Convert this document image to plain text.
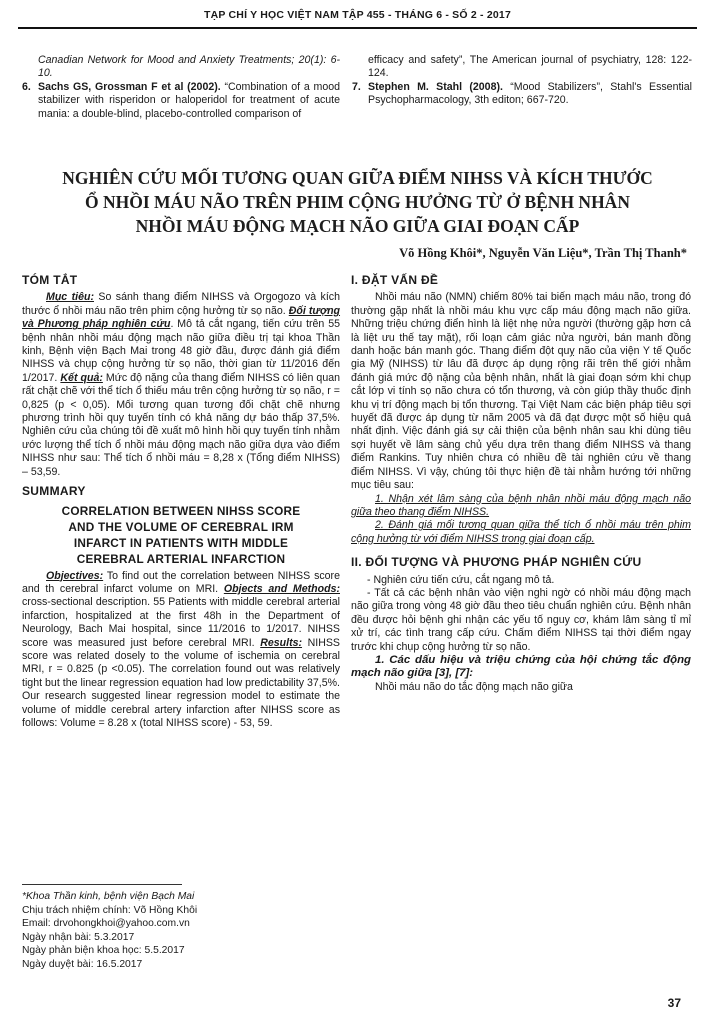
TẠP CHÍ Y HỌC VIỆT NAM TẬP 455 - THÁNG 6 - SỐ 2 - 2017
Canadian Network for Mood and Anxiety Treatments; 20(1): 6-10.
6. Sachs GS, Grossman F et al (2002). “Combination of a mood stabilizer with risperidon or haloperidol for treatment of acute mania: a double-blind, placebo-controlled comparison of
efficacy and safety”, The American journal of psychiatry, 128: 122-124.
7. Stephen M. Stahl (2008). “Mood Stabilizers”, Stahl's Essential Psychopharmacology, 3th editon; 667-720.
NGHIÊN CỨU MỐI TƯƠNG QUAN GIỮA ĐIỂM NIHSS VÀ KÍCH THƯỚC
Ổ NHỒI MÁU NÃO TRÊN PHIM CỘNG HƯỞNG TỪ Ở BỆNH NHÂN
NHỒI MÁU ĐỘNG MẠCH NÃO GIỮA GIAI ĐOẠN CẤP
Võ Hồng Khôi*, Nguyễn Văn Liệu*, Trần Thị Thanh*
TÓM TẮT

Mục tiêu: So sánh thang điểm NIHSS và Orgogozo và kích thước ổ nhồi máu não trên phim cộng hưởng từ sọ não. Đối tượng và Phương pháp nghiên cứu. Mô tả cắt ngang, tiến cứu trên 55 bệnh nhân nhồi máu động mạch não giữa điều trị tại khoa Thần kinh, Bệnh viện Bạch Mai trong 48 giờ đầu, được đánh giá điểm NIHSS và chụp cộng hưởng từ sọ não, thời gian từ 11/2016 đến 1/2017. Kết quả: Mức độ nặng của thang điểm NIHSS có liên quan rất chặt chẽ với thể tích ổ thiếu máu trên cộng hưởng từ sọ não, r = 0,825 (p < 0,05). Mối tương quan tương đối chặt chẽ nhưng phương trình hồi quy tuyến tính có khả năng dự báo thấp 37,5%. Nghiên cứu của chúng tôi đề xuất mô hình hồi quy tuyến tính nhằm ước lượng thể tích ổ nhồi máu động mạch não giữa dựa vào điểm NIHSS như sau: Thể tích ổ nhồi máu = 8,28 x (Tổng điểm NIHSS) – 53,59.

SUMMARY
CORRELATION BETWEEN NIHSS SCORE
AND THE VOLUME OF CEREBRAL IRM
INFARCT IN PATIENTS WITH MIDDLE
CEREBRAL ARTERIAL INFARCTION

Objectives: To find out the correlation between NIHSS score and th cerebral infarct volume on MRI. Objects and Methods: cross-sectional description. 55 Patients with middle cerebral arterial infarction, hospitalized at the first 48h in the Department of Neurology, Bach Mai hospital, since 11/2016 to 1/2017. NIHSS score was measured just before cerebral MRI. Results: NIHSS score was related dosely to the volume of ischemia on cerebral MRI, r = 0.825 (p <0.05). The correlation found out was relatively tight but the linear regression equation had low predictability 37,5%. Our research suggested linear regression model to estimate the volume of middle cerebral artery infarction after NIHSS score as follows: Volume = 8.28 x (total NIHSS score) - 53, 59.

I. ĐẶT VẤN ĐỀ

Nhồi máu não (NMN) chiếm 80% tai biến mạch máu não, trong đó thường gặp nhất là nhồi máu khu vực cấp máu động mạch não giữa. Những triệu chứng điển hình là liệt nhẹ nửa người (thường gặp hơn cả là liệt ưu thế tay mặt), rối loạn cảm giác nửa người, bán manh đồng danh hoặc bán manh góc. Thang điểm đột quỵ não của viện Y tế Quốc gia Mỹ (NIHSS) từ lâu đã được áp dụng rộng rãi trên thế giới nhằm đánh giá mức độ nặng của bệnh nhân, nhất là giai đoạn sớm khi chụp cắt lớp vi tính sọ não chưa có tổn thương, và còn giúp thầy thuốc định khu vị trí động mạch bị tổn thương. Tại Việt Nam các biện pháp tiêu sợi huyết đã được áp dụng từ năm 2005 và đã đạt được một số hiệu quả nhất định. Việc đánh giá sự cải thiện của bệnh nhân sau khi dùng tiêu sợi huyết về lâm sàng chủ yếu dựa trên thang điểm NIHSS và thang điểm Rankins. Tuy nhiên chưa có nhiều đề tài nghiên cứu về thang điểm NIHSS. Vì vậy, chúng tôi thực hiện đề tài nhằm hướng tới những mục tiêu sau:

1. Nhận xét lâm sàng của bệnh nhân nhồi máu động mạch não giữa theo thang điểm NIHSS.

2. Đánh giá mối tương quan giữa thể tích ổ nhồi máu trên phim cộng hưởng từ với điểm NIHSS trong giai đoạn cấp.

II. ĐỐI TƯỢNG VÀ PHƯƠNG PHÁP NGHIÊN CỨU

- Nghiên cứu tiến cứu, cắt ngang mô tả.

- Tất cả các bệnh nhân vào viện nghi ngờ có nhồi máu động mạch não giữa trong vòng 48 giờ đầu theo tiêu chuẩn nghiên cứu. Bệnh nhân đều được hỏi bệnh ghi nhận các yếu tố nguy cơ, khám lâm sàng tỉ mỉ xử trí, các tình trang cấp cứu. Chấm điểm NIHSS tại thời điểm ngay trước khi chụp cộng hưởng từ sọ não.

1. Các dấu hiệu và triệu chứng của hội chứng tắc động mạch não giữa [3], [7]:

Nhồi máu não do tắc động mạch não giữa

*Khoa Thần kinh, bệnh viện Bạch Mai
Chịu trách nhiệm chính: Võ Hồng Khôi
Email: drvohongkhoi@yahoo.com.vn
Ngày nhận bài: 5.3.2017
Ngày phản biện khoa học: 5.5.2017
Ngày duyệt bài: 16.5.2017
37
